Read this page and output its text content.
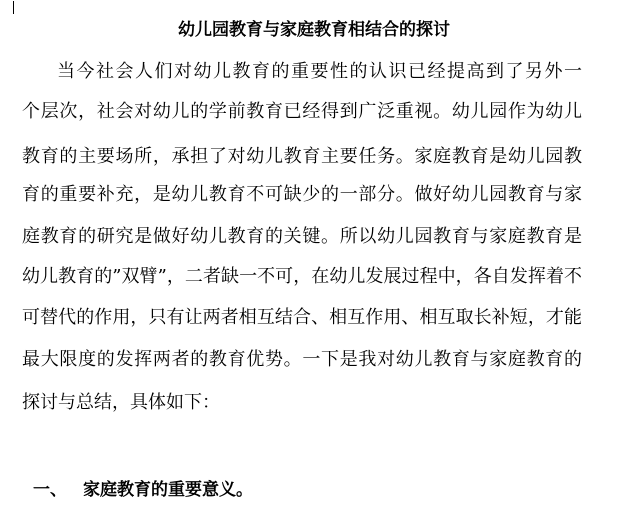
幼儿园教育与家庭教育相结合的探讨
当今社会人们对幼儿教育的重要性的认识已经提高到了另外一
个层次，社会对幼儿的学前教育已经得到广泛重视。幼儿园作为幼儿
教育的主要场所，承担了对幼儿教育主要任务。家庭教育是幼儿园教
育的重要补充，是幼儿教育不可缺少的一部分。做好幼儿园教育与家
庭教育的研究是做好幼儿教育的关键。所以幼儿园教育与家庭教育是
幼儿教育的”双臂”，二者缺一不可，在幼儿发展过程中，各自发挥着不
可替代的作用，只有让两者相互结合、相互作用、相互取长补短，才能
最大限度的发挥两者的教育优势。一下是我对幼儿教育与家庭教育的
探讨与总结，具体如下：
一、 家庭教育的重要意义。
